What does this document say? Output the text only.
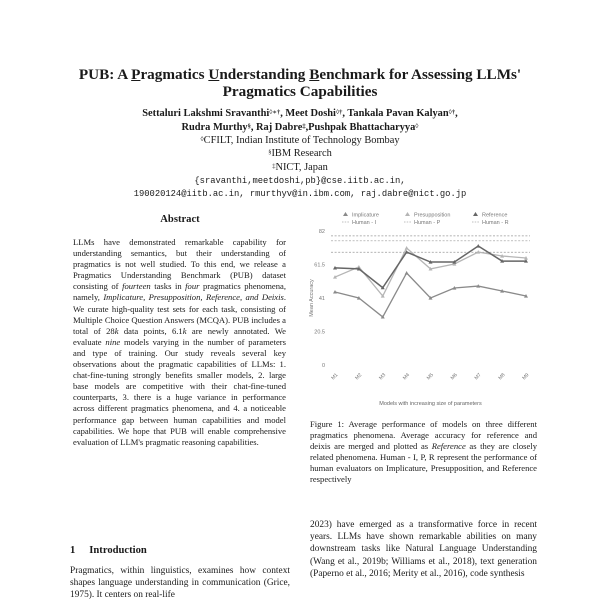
PUB: A Pragmatics Understanding Benchmark for Assessing LLMs'
Pragmatics Capabilities
Settaluri Lakshmi Sravanthi◊∗†, Meet Doshi◊†, Tankala Pavan Kalyan◊†,
Rudra Murthy§, Raj Dabre‡,Pushpak Bhattacharyya◊
◊CFILT, Indian Institute of Technology Bombay
§IBM Research
‡NICT, Japan
{sravanthi,meetdoshi,pb}@cse.iitb.ac.in,
190020124@iitb.ac.in, rmurthyv@in.ibm.com, raj.dabre@nict.go.jp
Abstract
LLMs have demonstrated remarkable capability for understanding semantics, but their understanding of pragmatics is not well studied. To this end, we release a Pragmatics Understanding Benchmark (PUB) dataset consisting of fourteen tasks in four pragmatics phenomena, namely, Implicature, Presupposition, Reference, and Deixis. We curate high-quality test sets for each task, consisting of Multiple Choice Question Answers (MCQA). PUB includes a total of 28k data points, 6.1k are newly annotated. We evaluate nine models varying in the number of parameters and type of training. Our study reveals several key observations about the pragmatic capabilities of LLMs: 1. chat-fine-tuning strongly benefits smaller models, 2. large base models are competitive with their chat-fine-tuned counterparts, 3. there is a huge variance in performance across different pragmatics phenomena, and 4. a noticeable performance gap between human capabilities and model capabilities. We hope that PUB will enable comprehensive evaluation of LLM's pragmatic reasoning capabilities.
1 Introduction
Pragmatics, within linguistics, examines how context shapes language understanding in communication (Grice, 1975). It centers on real-life
Implicature	Presupposition	Reference
Human - I	Human - P	Human - R
0
20.5
41
61.5
82
Mean Accuracy
M1	M2	M3	M4	M5	M6	M7	M8	M9
Models with increasing size of parameters
Figure 1: Average performance of models on three different pragmatics phenomena. Average accuracy for reference and deixis are merged and plotted as Reference as they are closely related phenomena. Human - I, P, R represent the performance of human evaluators on Implicature, Presupposition, and Reference respectively
2023) have emerged as a transformative force in recent years. LLMs have shown remarkable abilities on many downstream tasks like Natural Language Understanding (Wang et al., 2019b; Williams et al., 2018), text generation (Paperno et al., 2016; Merity et al., 2016), code synthesis
